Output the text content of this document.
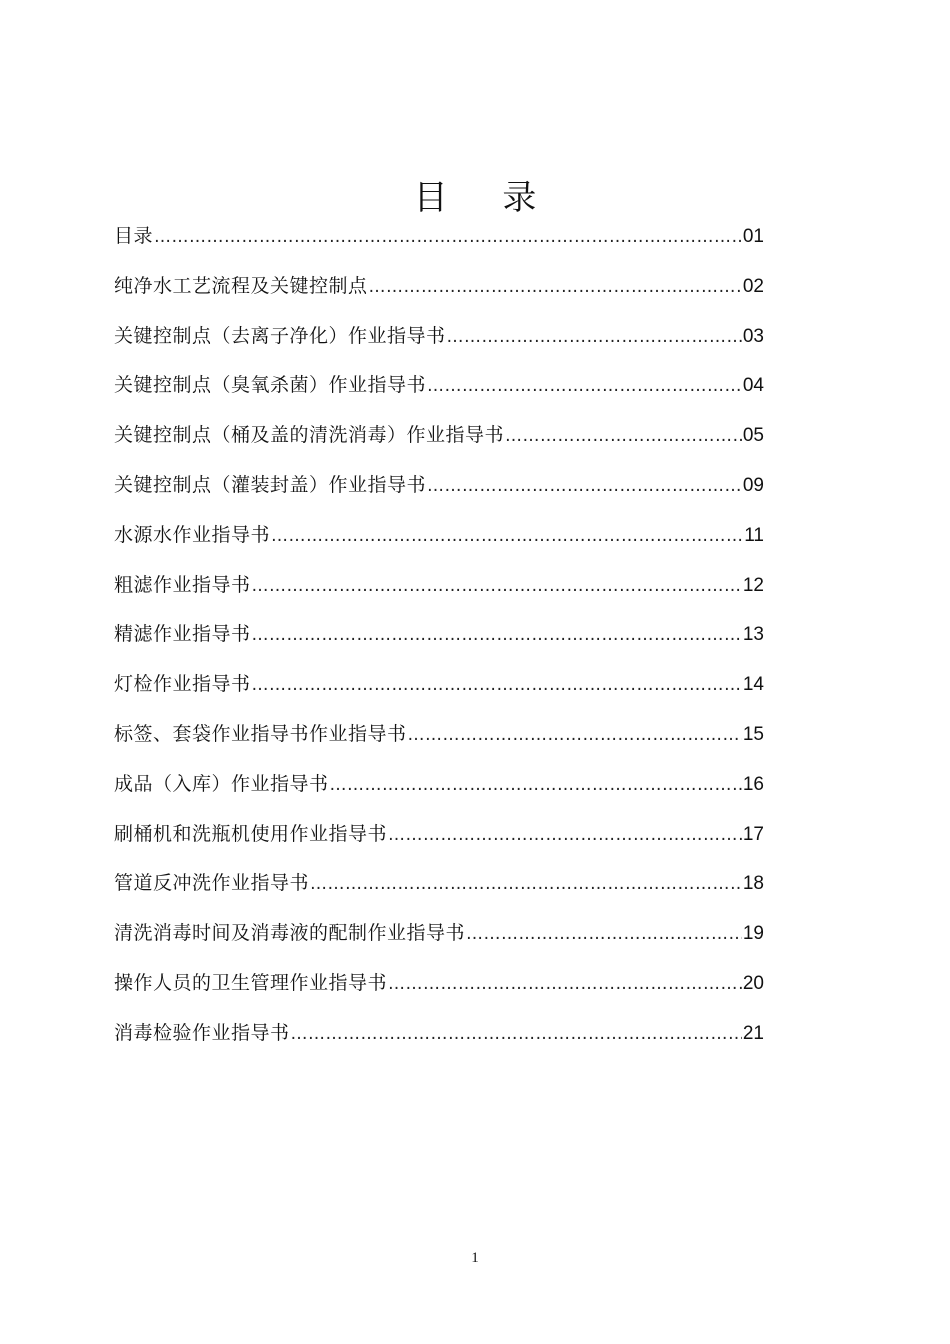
目 录
目录 …………………………………………………………………………………………………………………………………………………………	01
纯净水工艺流程及关键控制点 …………………………………………………………………………………………………………………………………………………………	02
关键控制点（去离子净化）作业指导书 …………………………………………………………………………………………………………………………………………………………	03
关键控制点（臭氧杀菌）作业指导书 …………………………………………………………………………………………………………………………………………………………	04
关键控制点（桶及盖的清洗消毒）作业指导书 …………………………………………………………………………………………………………………………………………………………	05
关键控制点（灌装封盖）作业指导书 …………………………………………………………………………………………………………………………………………………………	09
水源水作业指导书 …………………………………………………………………………………………………………………………………………………………	11
粗滤作业指导书 …………………………………………………………………………………………………………………………………………………………	12
精滤作业指导书 …………………………………………………………………………………………………………………………………………………………	13
灯检作业指导书 …………………………………………………………………………………………………………………………………………………………	14
标签、套袋作业指导书作业指导书 …………………………………………………………………………………………………………………………………………………………	15
成品（入库）作业指导书 …………………………………………………………………………………………………………………………………………………………	16
刷桶机和洗瓶机使用作业指导书 …………………………………………………………………………………………………………………………………………………………	17
管道反冲洗作业指导书 …………………………………………………………………………………………………………………………………………………………	18
清洗消毒时间及消毒液的配制作业指导书 …………………………………………………………………………………………………………………………………………………………	19
操作人员的卫生管理作业指导书 …………………………………………………………………………………………………………………………………………………………	20
消毒检验作业指导书 …………………………………………………………………………………………………………………………………………………………	21
1
